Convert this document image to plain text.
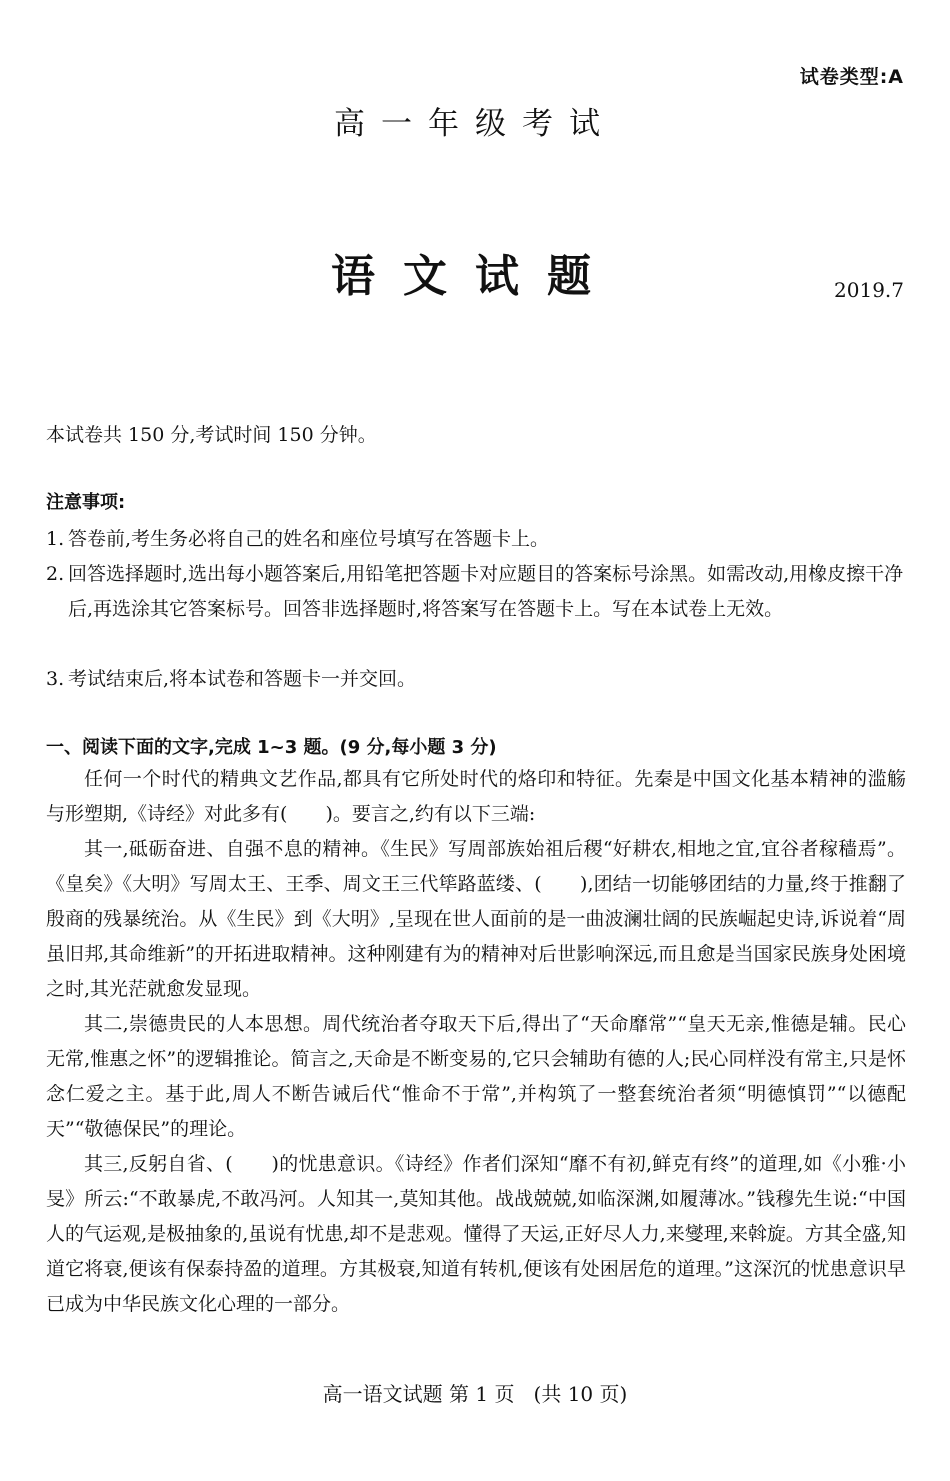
试卷类型:A
高一年级考试
语文试题	2019.7
本试卷共 150 分,考试时间 150 分钟。
注意事项:
1. 答卷前,考生务必将自己的姓名和座位号填写在答题卡上。
2. 回答选择题时,选出每小题答案后,用铅笔把答题卡对应题目的答案标号涂黑。如需改动,用橡皮擦干净后,再选涂其它答案标号。回答非选择题时,将答案写在答题卡上。写在本试卷上无效。
3. 考试结束后,将本试卷和答题卡一并交回。
一、阅读下面的文字,完成 1~3 题。(9 分,每小题 3 分)

任何一个时代的精典文艺作品,都具有它所处时代的烙印和特征。先秦是中国文化基本精神的滥觞与形塑期,《诗经》对此多有(　　)。要言之,约有以下三端:

其一,砥砺奋进、自强不息的精神。《生民》写周部族始祖后稷“好耕农,相地之宜,宜谷者稼穑焉”。《皇矣》《大明》写周太王、王季、周文王三代筚路蓝缕、(　　),团结一切能够团结的力量,终于推翻了殷商的残暴统治。从《生民》到《大明》,呈现在世人面前的是一曲波澜壮阔的民族崛起史诗,诉说着“周虽旧邦,其命维新”的开拓进取精神。这种刚建有为的精神对后世影响深远,而且愈是当国家民族身处困境之时,其光茫就愈发显现。

其二,崇德贵民的人本思想。周代统治者夺取天下后,得出了“天命靡常”“皇天无亲,惟德是辅。民心无常,惟惠之怀”的逻辑推论。简言之,天命是不断变易的,它只会辅助有德的人;民心同样没有常主,只是怀念仁爱之主。基于此,周人不断告诫后代“惟命不于常”,并构筑了一整套统治者须“明德慎罚”“以德配天”“敬德保民”的理论。

其三,反躬自省、(　　)的忧患意识。《诗经》作者们深知“靡不有初,鲜克有终”的道理,如《小雅·小旻》所云:“不敢暴虎,不敢冯河。人知其一,莫知其他。战战兢兢,如临深渊,如履薄冰。”钱穆先生说:“中国人的气运观,是极抽象的,虽说有忧患,却不是悲观。懂得了天运,正好尽人力,来燮理,来斡旋。方其全盛,知道它将衰,便该有保泰持盈的道理。方其极衰,知道有转机,便该有处困居危的道理。”这深沉的忧患意识早已成为中华民族文化心理的一部分。

高一语文试题 第 1 页 (共 10 页)
